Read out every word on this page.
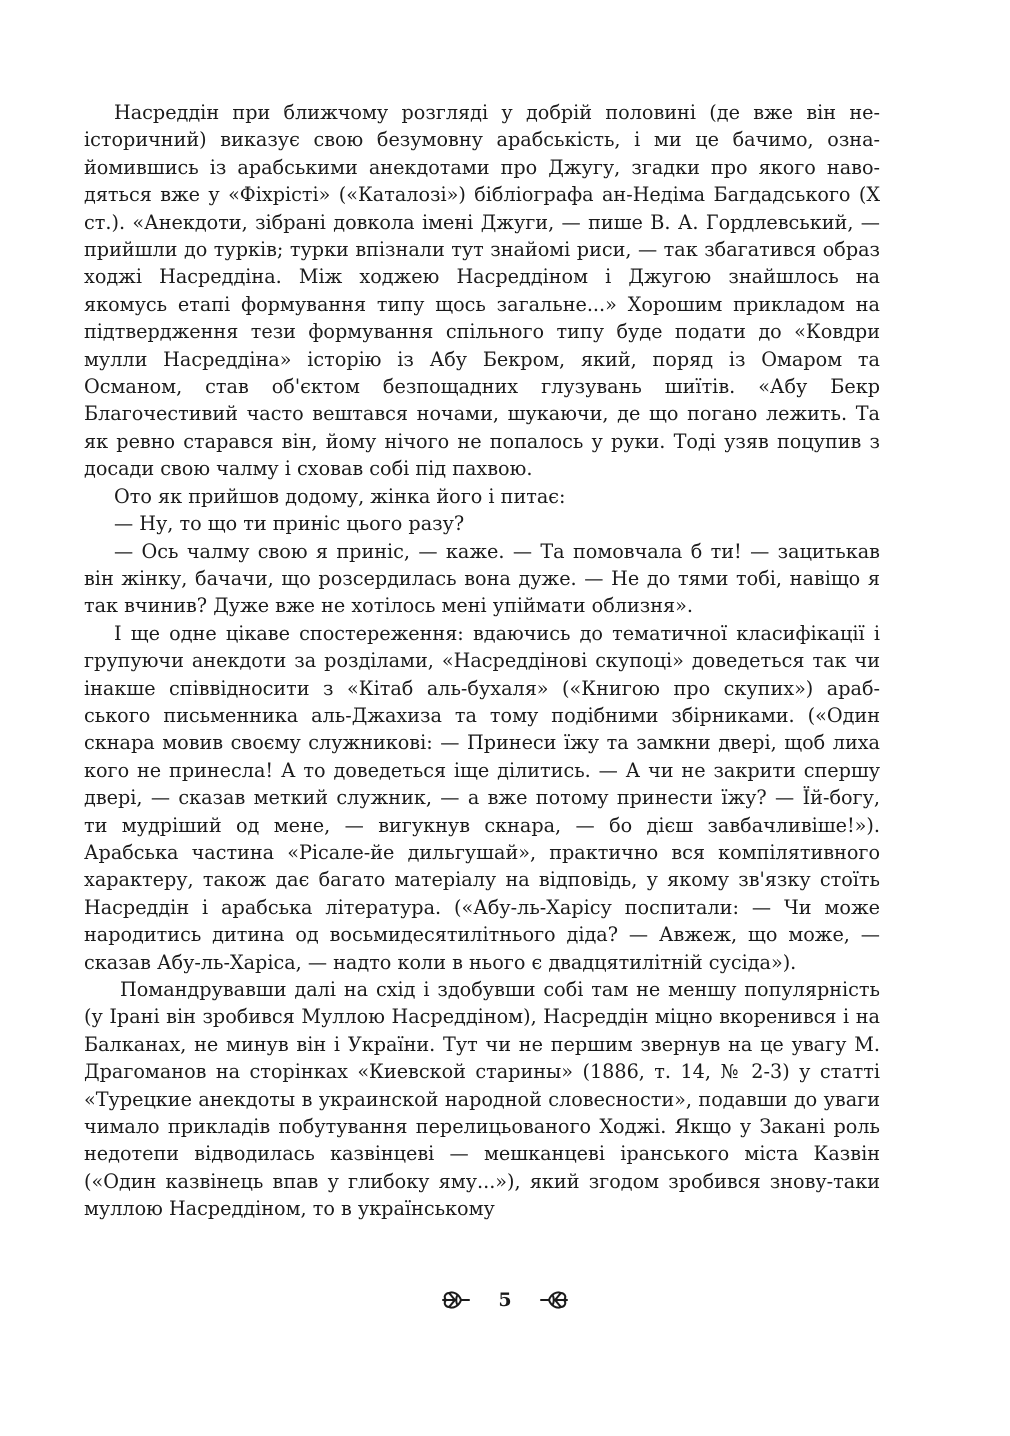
Насреддін при ближчому розгляді у добрій половині (де вже він неісторичний) виказує свою безумовну арабськість, і ми це бачимо, ознайомившись із арабськими анекдотами про Джугу, згадки про якого наводяться вже у «Фіхрісті» («Каталозі») бібліографа ан-Недіма Багдадського (X ст.). «Анекдоти, зібрані довкола імені Джуги, — пише В. А. Гордлевський, — прийшли до турків; турки впізнали тут знайомі риси, — так збагатився образ ходжі Насреддіна. Між ходжею Насреддіном і Джугою знайшлось на якомусь етапі формування типу щось загальне...» Хорошим прикладом на підтвердження тези формування спільного типу буде подати до «Ковдри мулли Насреддіна» історію із Абу Бекром, який, поряд із Омаром та Османом, став об'єктом безпощадних глузувань шиїтів. «Абу Бекр Благочестивий часто вештався ночами, шукаючи, де що погано лежить. Та як ревно старався він, йому нічого не попалось у руки. Тоді узяв поцупив з досади свою чалму і сховав собі під пахвою.

Ото як прийшов додому, жінка його і питає:

— Ну, то що ти приніс цього разу?

— Ось чалму свою я приніс, — каже. — Та помовчала б ти! — зацитькав він жінку, бачачи, що розсердилась вона дуже. — Не до тями тобі, навіщо я так вчинив? Дуже вже не хотілось мені упіймати облизня».

І ще одне цікаве спостереження: вдаючись до тематичної класифікації і групуючи анекдоти за розділами, «Насреддінові скупоці» доведеться так чи інакше співвідносити з «Кітаб аль-бухаля» («Книгою про скупих») арабського письменника аль-Джахиза та тому подібними збірниками. («Один скнара мовив своєму служникові: — Принеси їжу та замкни двері, щоб лиха кого не принесла! А то доведеться іще ділитись. — А чи не закрити спершу двері, — сказав меткий служник, — а вже потому принести їжу? — Їй-богу, ти мудріший од мене, — вигукнув скнара, — бо дієш завбачливіше!»). Арабська частина «Рісале-йе дильгушай», практично вся компілятивного характеру, також дає багато матеріалу на відповідь, у якому зв'язку стоїть Насреддін і арабська література. («Абу-ль-Харісу поспитали: — Чи може народитись дитина од восьмидесятилітнього діда? — Авжеж, що може, — сказав Абу-ль-Харіса, — надто коли в нього є двадцятилітній сусіда»).

Помандрувавши далі на схід і здобувши собі там не меншу популярність (у Ірані він зробився Муллою Насреддіном), Насреддін міцно вкоренився і на Балканах, не минув він і України. Тут чи не першим звернув на це увагу М. Драгоманов на сторінках «Киевской старины» (1886, т. 14, № 2-3) у статті «Турецкие анекдоты в украинской народной словесности», подавши до уваги чимало прикладів побутування перелицьованого Ходжі. Якщо у Закані роль недотепи відводилась казвінцеві — мешканцеві іранського міста Казвін («Один казвінець впав у глибоку яму...»), який згодом зробився знову-таки муллою Насреддіном, то в українському

5
